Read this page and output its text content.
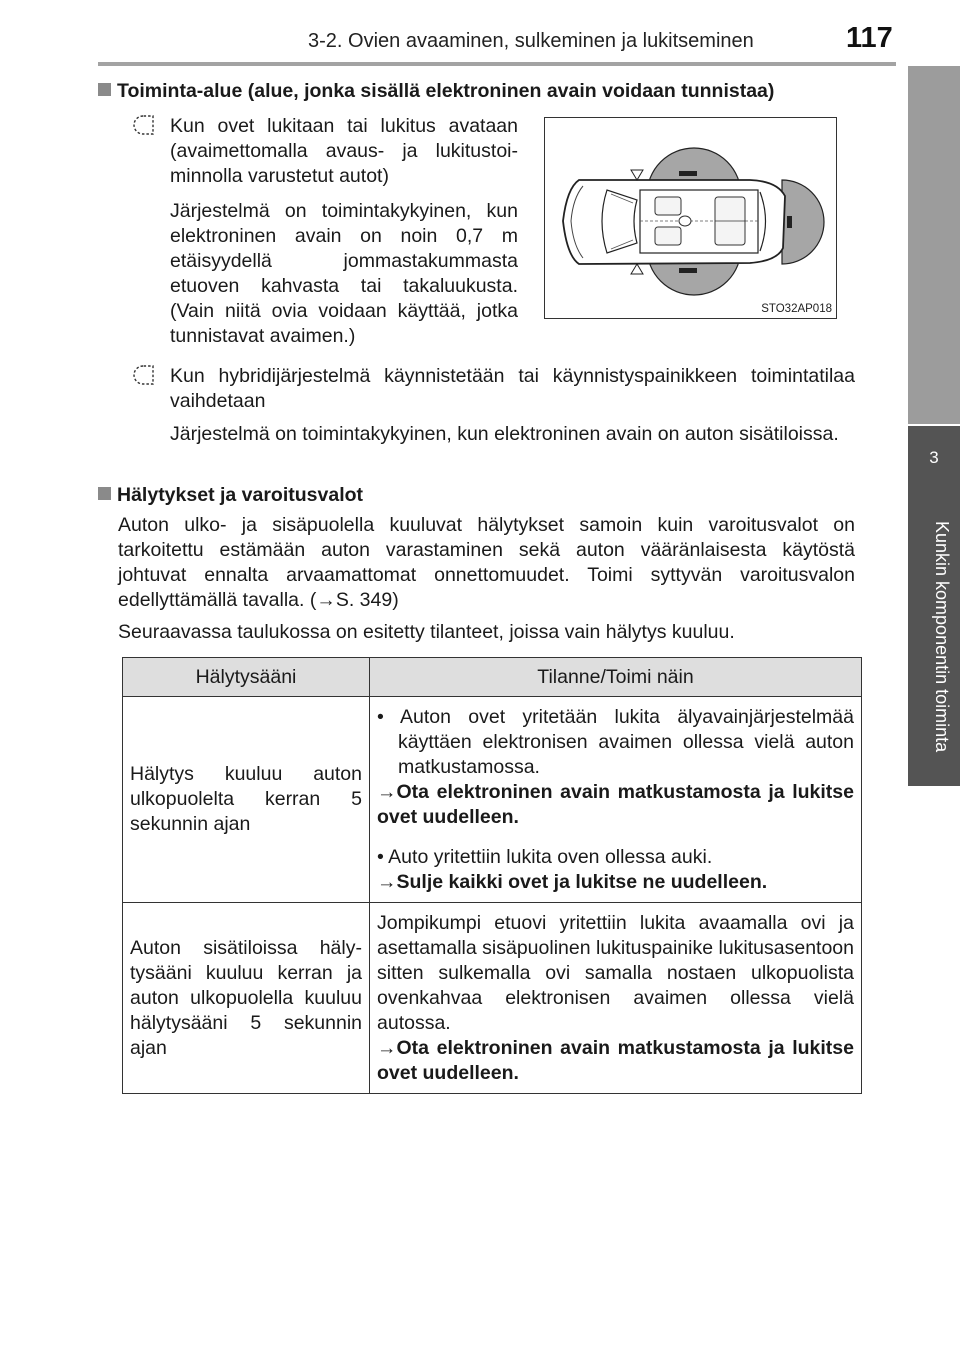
3-2. Ovien avaaminen, sulkeminen ja lukitseminen	117
3
Kunkin komponentin toiminta
Toiminta-alue (alue, jonka sisällä elektroninen avain voidaan tunnistaa)
Kun ovet lukitaan tai lukitus avataan (avaimettomalla avaus- ja lukitustoiminnolla varustetut autot)
Järjestelmä on toimintakykyinen, kun elektroninen avain on noin 0,7 m etäisyydellä jommastakummasta etuoven kahvasta tai takaluukusta. (Vain niitä ovia voidaan käyttää, jotka tunnistavat avaimen.)
STO32AP018
Kun hybridijärjestelmä käynnistetään tai käynnistyspainikkeen toimintatilaa vaihdetaan
Järjestelmä on toimintakykyinen, kun elektroninen avain on auton sisätiloissa.
Hälytykset ja varoitusvalot
Auton ulko- ja sisäpuolella kuuluvat hälytykset samoin kuin varoitusvalot on tarkoitettu estämään auton varastaminen sekä auton vääränlaisesta käytöstä johtuvat ennalta arvaamattomat onnettomuudet. Toimi syttyvän varoitusvalon edellyttämällä tavalla. (→S. 349)
Seuraavassa taulukossa on esitetty tilanteet, joissa vain hälytys kuuluu.
Hälytysääni	Tilanne/Toimi näin
Hälytys kuuluu auton ulkopuolelta kerran 5 sekunnin ajan	• Auton ovet yritetään lukita älyavainjärjestelmää käyttäen elektronisen avaimen ollessa vielä auton matkustamossa.
→Ota elektroninen avain matkustamosta ja lukitse ovet uudelleen.

• Auto yritettiin lukita oven ollessa auki.
→Sulje kaikki ovet ja lukitse ne uudelleen.

Auton sisätiloissa hälytysääni kuuluu kerran ja auton ulkopuolella kuuluu hälytysääni 5 sekunnin ajan	Jompikumpi etuovi yritettiin lukita avaamalla ovi ja asettamalla sisäpuolinen lukituspainike lukitusasentoon sitten sulkemalla ovi samalla nostaen ulkopuolista ovenkahvaa elektronisen avaimen ollessa vielä autossa.
→Ota elektroninen avain matkustamosta ja lukitse ovet uudelleen.
